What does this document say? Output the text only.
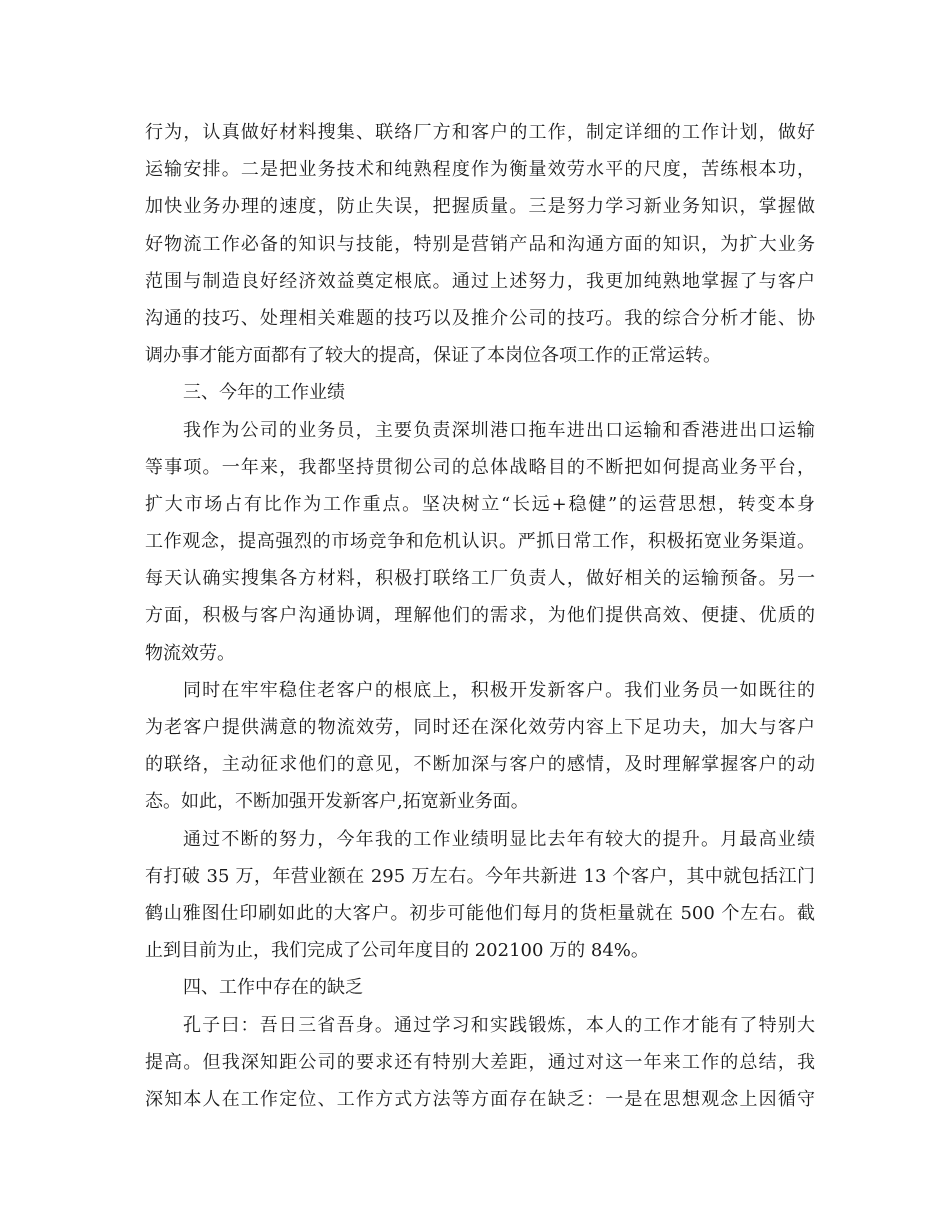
行为，认真做好材料搜集、联络厂方和客户的工作，制定详细的工作计划，做好
运输安排。二是把业务技术和纯熟程度作为衡量效劳水平的尺度，苦练根本功，
加快业务办理的速度，防止失误，把握质量。三是努力学习新业务知识，掌握做
好物流工作必备的知识与技能，特别是营销产品和沟通方面的知识，为扩大业务
范围与制造良好经济效益奠定根底。通过上述努力，我更加纯熟地掌握了与客户
沟通的技巧、处理相关难题的技巧以及推介公司的技巧。我的综合分析才能、协
调办事才能方面都有了较大的提高，保证了本岗位各项工作的正常运转。
三、今年的工作业绩
我作为公司的业务员，主要负责深圳港口拖车进出口运输和香港进出口运输
等事项。一年来，我都坚持贯彻公司的总体战略目的不断把如何提高业务平台，
扩大市场占有比作为工作重点。坚决树立“长远+稳健”的运营思想，转变本身
工作观念，提高强烈的市场竞争和危机认识。严抓日常工作，积极拓宽业务渠道。
每天认确实搜集各方材料，积极打联络工厂负责人，做好相关的运输预备。另一
方面，积极与客户沟通协调，理解他们的需求，为他们提供高效、便捷、优质的
物流效劳。
同时在牢牢稳住老客户的根底上，积极开发新客户。我们业务员一如既往的
为老客户提供满意的物流效劳，同时还在深化效劳内容上下足功夫，加大与客户
的联络，主动征求他们的意见，不断加深与客户的感情，及时理解掌握客户的动
态。如此，不断加强开发新客户,拓宽新业务面。
通过不断的努力，今年我的工作业绩明显比去年有较大的提升。月最高业绩
有打破 35 万，年营业额在 295 万左右。今年共新进 13 个客户，其中就包括江门
鹤山雅图仕印刷如此的大客户。初步可能他们每月的货柜量就在 500 个左右。截
止到目前为止，我们完成了公司年度目的 202100 万的 84%。
四、工作中存在的缺乏
孔子曰：吾日三省吾身。通过学习和实践锻炼，本人的工作才能有了特别大
提高。但我深知距公司的要求还有特别大差距，通过对这一年来工作的总结，我
深知本人在工作定位、工作方式方法等方面存在缺乏：一是在思想观念上因循守
